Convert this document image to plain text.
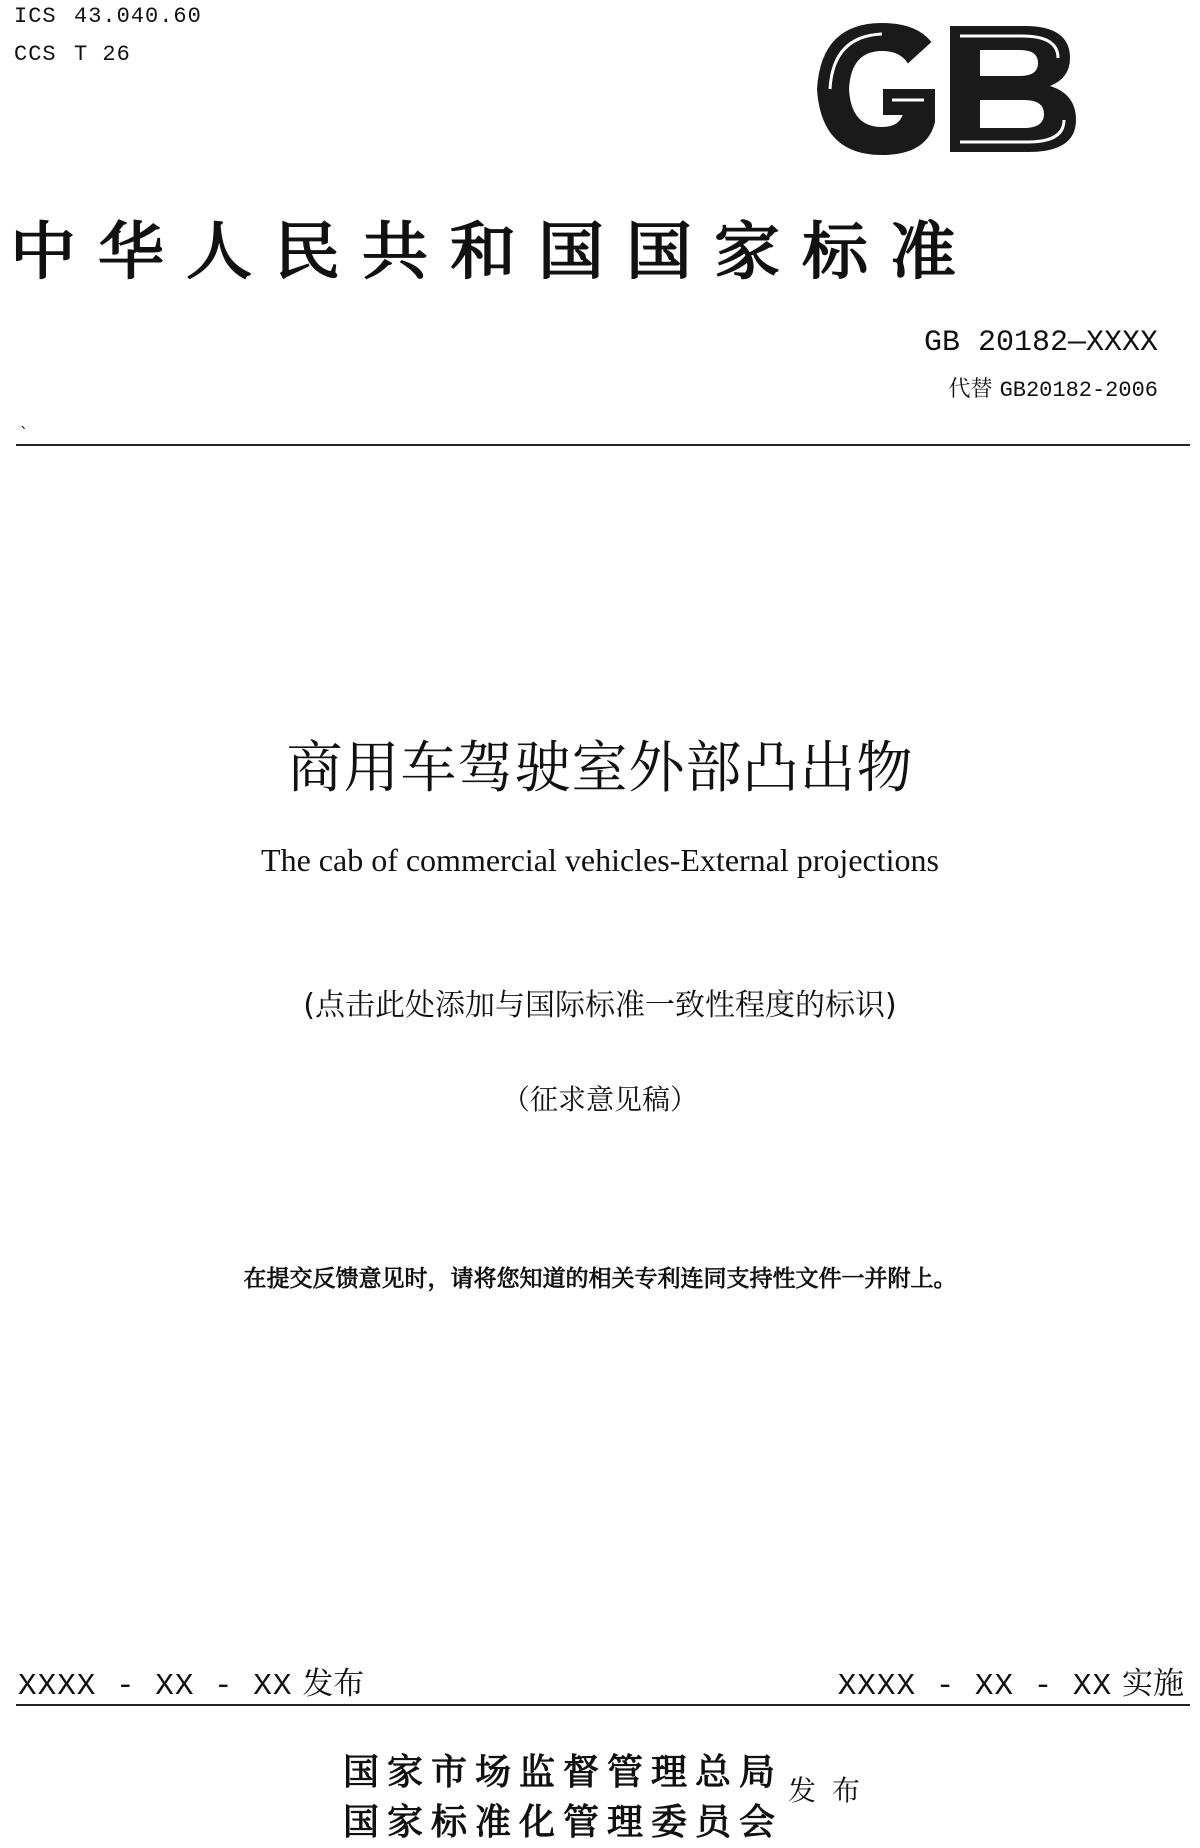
ICS 43.040.60
CCS T 26
中华人民共和国国家标准
GB 20182—XXXX
代替 GB20182-2006
`
商用车驾驶室外部凸出物
The cab of commercial vehicles-External projections
(点击此处添加与国际标准一致性程度的标识)
（征求意见稿）
在提交反馈意见时，请将您知道的相关专利连同支持性文件一并附上。
XXXX - XX - XX 发布	XXXX - XX - XX 实施
国家市场监督管理总局
国家标准化管理委员会
发布
